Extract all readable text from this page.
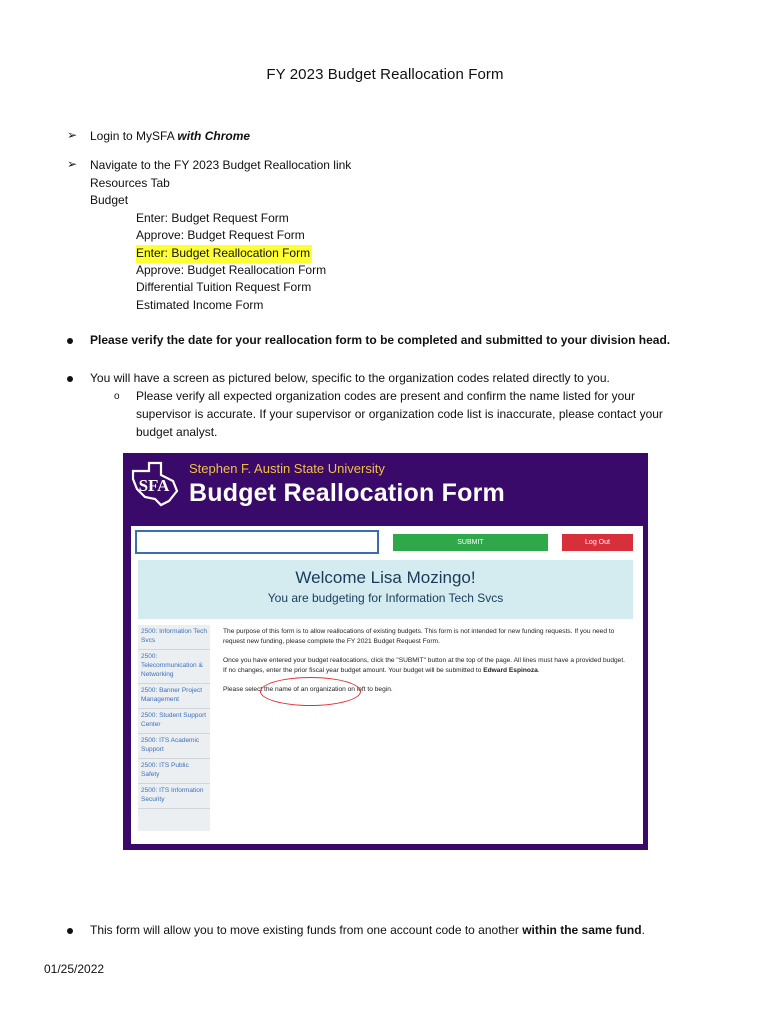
FY 2023 Budget Reallocation Form
➢ Login to MySFA with Chrome
➢ Navigate to the FY 2023 Budget Reallocation link
Resources Tab
Budget
Enter: Budget Request Form
Approve: Budget Request Form
Enter: Budget Reallocation Form
Approve: Budget Reallocation Form
Differential Tuition Request Form
Estimated Income Form
Please verify the date for your reallocation form to be completed and submitted to your division head.
You will have a screen as pictured below, specific to the organization codes related directly to you.
o Please verify all expected organization codes are present and confirm the name listed for your
supervisor is accurate. If your supervisor or organization code list is inaccurate, please contact your
budget analyst.
SFA
Stephen F. Austin State University
Budget Reallocation Form
SUBMIT	Log Out
Welcome Lisa Mozingo!
You are budgeting for Information Tech Svcs
2500: Information Tech Svcs
2500: Telecommunication & Networking
2500: Banner Project Management
2500: Student Support Center
2500: ITS Academic Support
2500: ITS Public Safety
2500: ITS Information Security

The purpose of this form is to allow reallocations of existing budgets. This form is not intended for new funding requests. If you need to request new funding, please complete the FY 2021 Budget Request Form.

Once you have entered your budget reallocations, click the "SUBMIT" button at the top of the page. All lines must have a provided budget. If no changes, enter the prior fiscal year budget amount. Your budget will be submitted to Edward Espinoza.

Please select the name of an organization on left to begin.

This form will allow you to move existing funds from one account code to another within the same fund.
01/25/2022
